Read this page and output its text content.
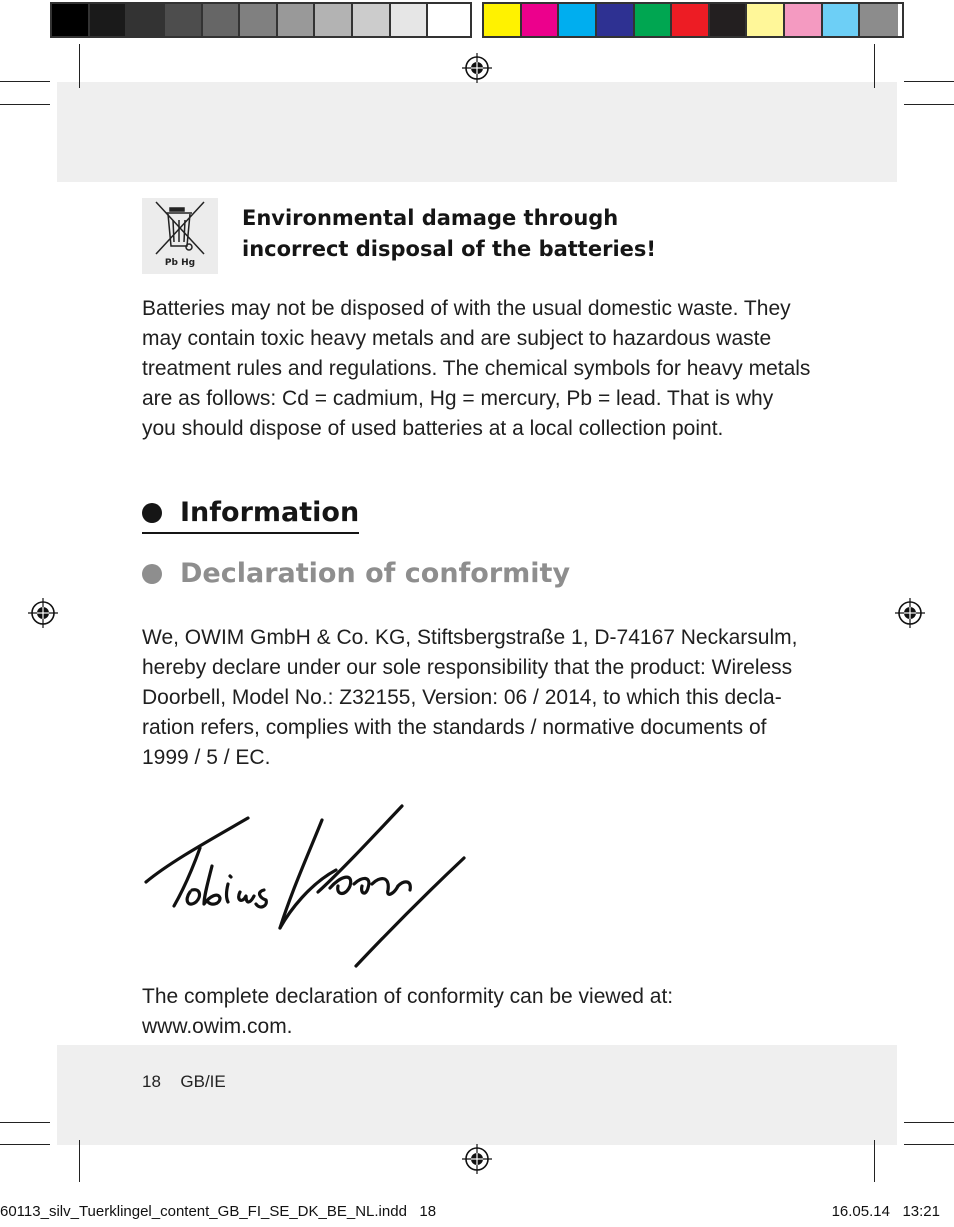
Pb Hg
Environmental damage through
incorrect disposal of the batteries!
Batteries may not be disposed of with the usual domestic waste. They
may contain toxic heavy metals and are subject to hazardous waste
treatment rules and regulations. The chemical symbols for heavy metals
are as follows: Cd = cadmium, Hg = mercury, Pb = lead. That is why
you should dispose of used batteries at a local collection point.
Information
Declaration of conformity
We, OWIM GmbH & Co. KG, Stiftsbergstraße 1, D-74167 Neckarsulm,
hereby declare under our sole responsibility that the product: Wireless
Doorbell, Model No.: Z32155, Version: 06 / 2014, to which this decla-
ration refers, complies with the standards / normative documents of
1999 / 5 / EC.
The complete declaration of conformity can be viewed at:
www.owim.com.
18 GB/IE
60113_silv_Tuerklingel_content_GB_FI_SE_DK_BE_NL.indd   18	16.05.14   13:21
